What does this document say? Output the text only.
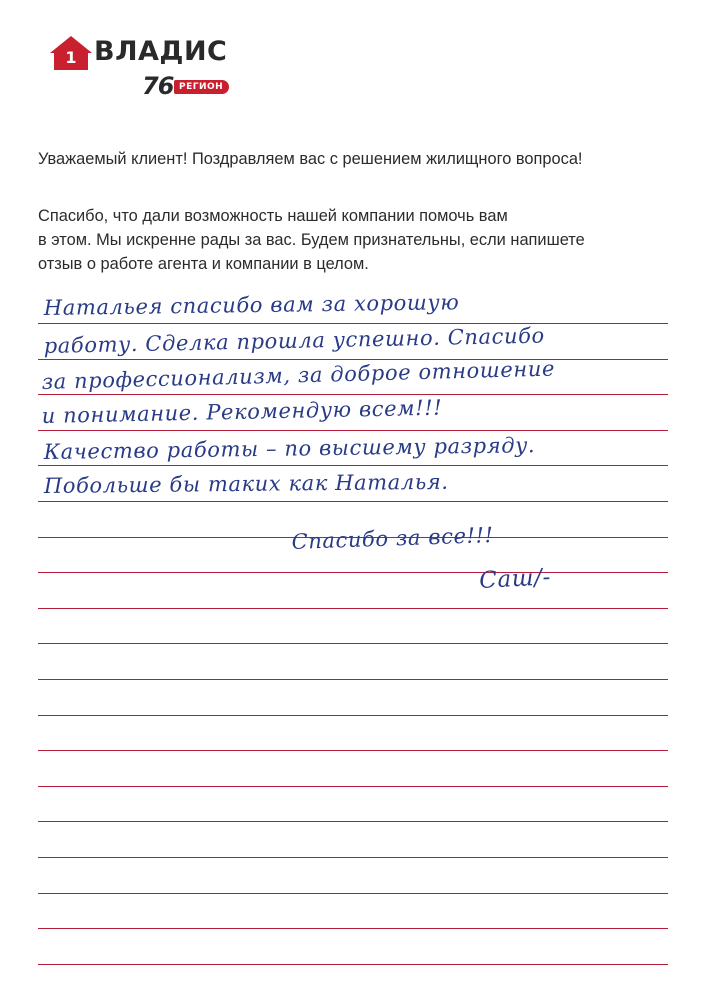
1 ВЛАДИС
76 РЕГИОН

Уважаемый клиент! Поздравляем вас с решением жилищного вопроса!

Спасибо, что дали возможность нашей компании помочь вам
в этом. Мы искренне рады за вас. Будем признательны, если напишете
отзыв о работе агента и компании в целом.

Натальея спасибо вам за хорошую
работу. Сделка прошла успешно. Спасибо
за профессионализм, за доброе отношение
и понимание. Рекомендую всем!!!
Качество работы – по высшему разряду.
Побольше бы таких как Наталья.
Спасибо за все!!!
Саш/-
